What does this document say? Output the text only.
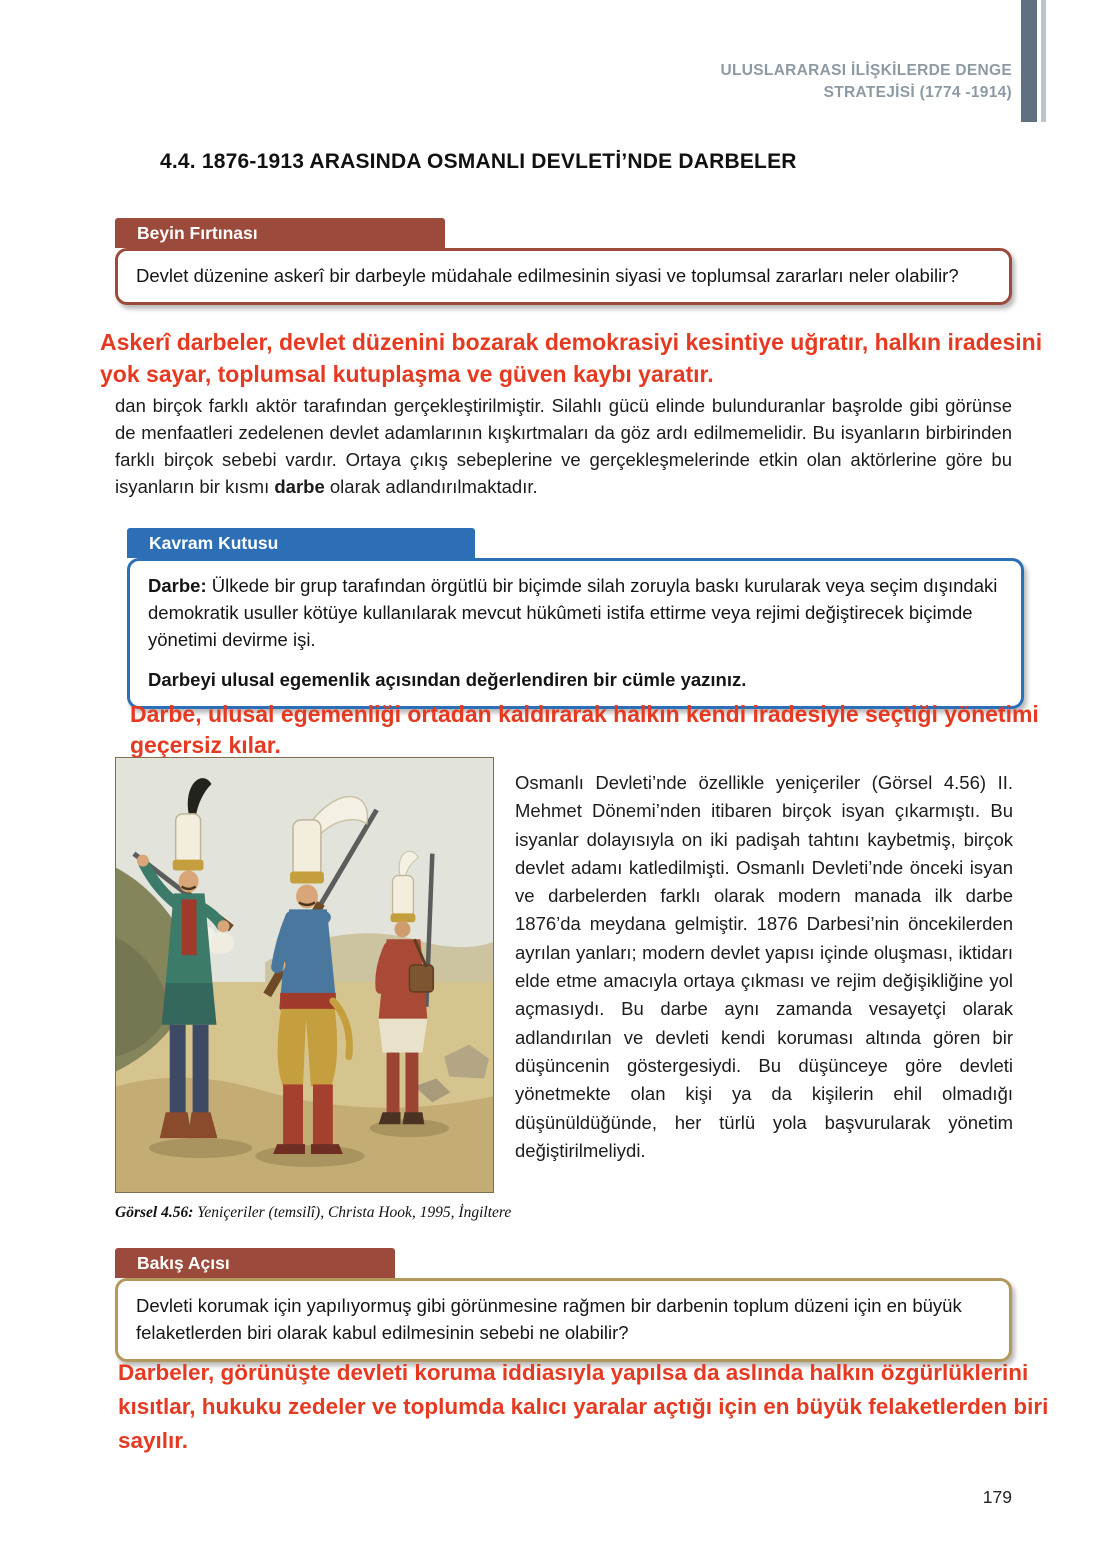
ULUSLARARASI İLİŞKİLERDE DENGE
STRATEJİSİ (1774 -1914)
4.4. 1876-1913 ARASINDA OSMANLI DEVLETİ’NDE DARBELER
Beyin Fırtınası
Devlet düzenine askerî bir darbeyle müdahale edilmesinin siyasi ve toplumsal zararları neler olabilir?
Askerî darbeler, devlet düzenini bozarak demokrasiyi kesintiye uğratır, halkın iradesini yok sayar, toplumsal kutuplaşma ve güven kaybı yaratır.

dan birçok farklı aktör tarafından gerçekleştirilmiştir. Silahlı gücü elinde bulunduranlar başrolde gibi görünse de menfaatleri zedelenen devlet adamlarının kışkırtmaları da göz ardı edilmemelidir. Bu isyanların birbirinden farklı birçok sebebi vardır. Ortaya çıkış sebeplerine ve gerçekleşmelerinde etkin olan aktörlerine göre bu isyanların bir kısmı darbe olarak adlandırılmaktadır.

Kavram Kutusu
Darbe: Ülkede bir grup tarafından örgütlü bir biçimde silah zoruyla baskı kurularak veya seçim dışındaki demokratik usuller kötüye kullanılarak mevcut hükûmeti istifa ettirme veya rejimi değiştirecek biçimde yönetimi devirme işi.
Darbeyi ulusal egemenlik açısından değerlendiren bir cümle yazınız.
Darbe, ulusal egemenliği ortadan kaldırarak halkın kendi iradesiyle seçtiği yönetimi geçersiz kılar.
Görsel 4.56: Yeniçeriler (temsilî), Christa Hook, 1995, İngiltere

Osmanlı Devleti’nde özellikle yeniçeriler (Görsel 4.56) II. Mehmet Dönemi’nden itibaren birçok isyan çıkarmıştı. Bu isyanlar dolayısıyla on iki padişah tahtını kaybetmiş, birçok devlet adamı katledilmişti. Osmanlı Devleti’nde önceki isyan ve darbelerden farklı olarak modern manada ilk darbe 1876’da meydana gelmiştir. 1876 Darbesi’nin öncekilerden ayrılan yanları; modern devlet yapısı içinde oluşması, iktidarı elde etme amacıyla ortaya çıkması ve rejim değişikliğine yol açmasıydı. Bu darbe aynı zamanda vesayetçi olarak adlandırılan ve devleti kendi koruması altında gören bir düşüncenin göstergesiydi. Bu düşünceye göre devleti yönetmekte olan kişi ya da kişilerin ehil olmadığı düşünüldüğünde, her türlü yola başvurularak yönetim değiştirilmeliydi.

Bakış Açısı
Devleti korumak için yapılıyormuş gibi görünmesine rağmen bir darbenin toplum düzeni için en büyük felaketlerden biri olarak kabul edilmesinin sebebi ne olabilir?
Darbeler, görünüşte devleti koruma iddiasıyla yapılsa da aslında halkın özgürlüklerini kısıtlar, hukuku zedeler ve toplumda kalıcı yaralar açtığı için en büyük felaketlerden biri sayılır.
179
